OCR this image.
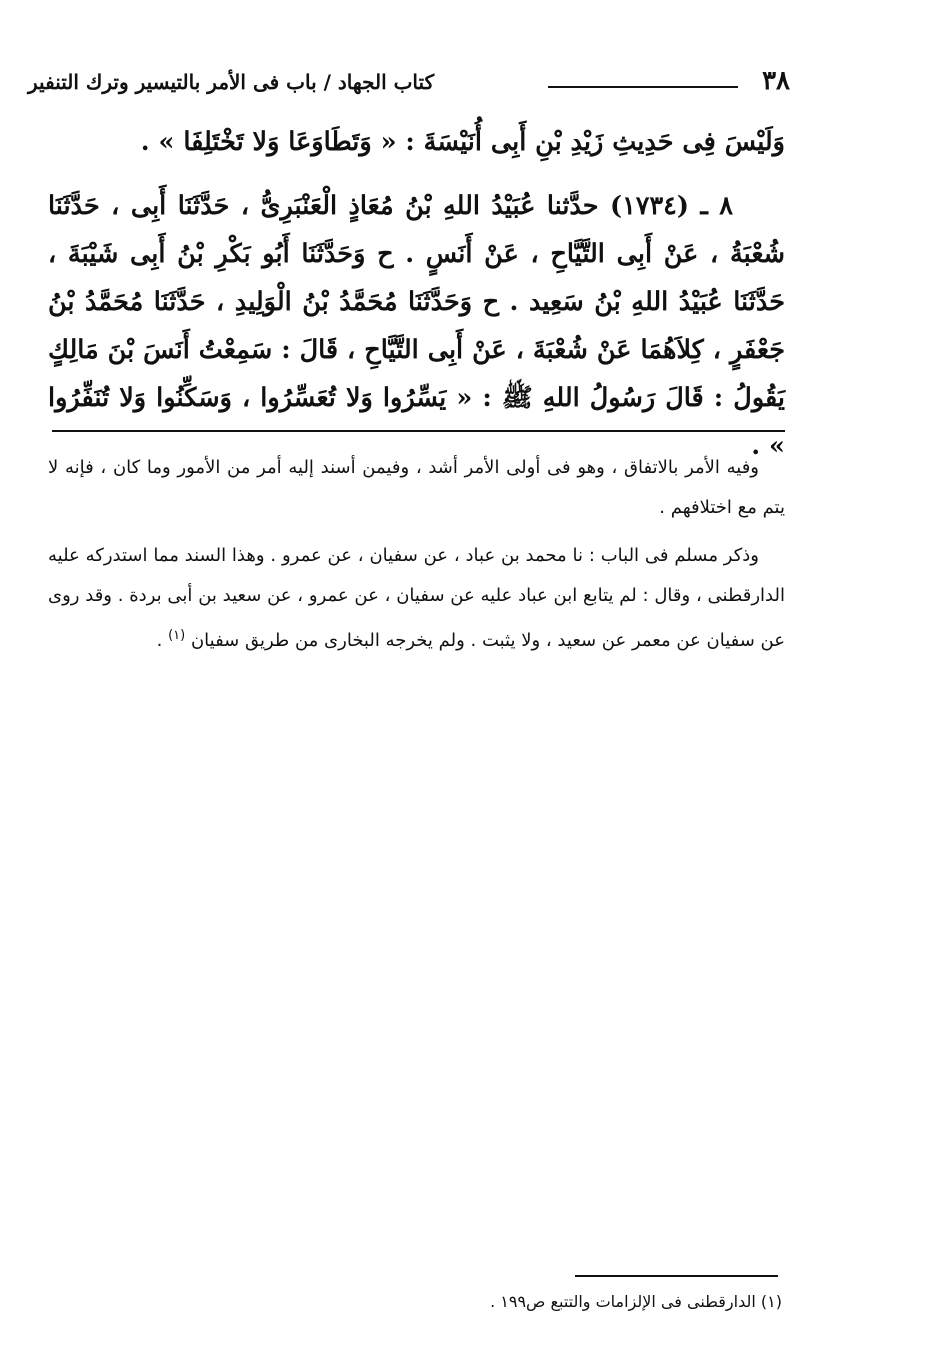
٣٨
كتاب الجهاد / باب فى الأمر بالتيسير وترك التنفير

وَلَيْسَ فِى حَدِيثِ زَيْدِ بْنِ أَبِى أُنَيْسَةَ : « وَتَطَاوَعَا وَلا تَخْتَلِفَا » .

٨ ـ (١٧٣٤) حدَّثنا عُبَيْدُ اللهِ بْنُ مُعَاذٍ الْعَنْبَرِىُّ ، حَدَّثَنَا أَبِى ، حَدَّثَنَا شُعْبَةُ ، عَنْ أَبِى التَّيَّاحِ ، عَنْ أَنَسٍ . ح وَحَدَّثَنَا أَبُو بَكْرِ بْنُ أَبِى شَيْبَةَ ، حَدَّثَنَا عُبَيْدُ اللهِ بْنُ سَعِيد . ح وَحَدَّثَنَا مُحَمَّدُ بْنُ الْوَلِيدِ ، حَدَّثَنَا مُحَمَّدُ بْنُ جَعْفَرٍ ، كِلاَهُمَا عَنْ شُعْبَةَ ، عَنْ أَبِى التَّيَّاحِ ، قَالَ : سَمِعْتُ أَنَسَ بْنَ مَالِكٍ يَقُولُ : قَالَ رَسُولُ اللهِ ﷺ : « يَسِّرُوا وَلا تُعَسِّرُوا ، وَسَكِّنُوا وَلا تُنَفِّرُوا » .

وفيه الأمر بالاتفاق ، وهو فى أولى الأمر أشد ، وفيمن أسند إليه أمر من الأمور وما كان ، فإنه لا يتم مع اختلافهم .

وذكر مسلم فى الباب : نا محمد بن عباد ، عن سفيان ، عن عمرو . وهذا السند مما استدركه عليه الدارقطنى ، وقال : لم يتابع ابن عباد عليه عن سفيان ، عن عمرو ، عن سعيد بن أبى بردة . وقد روى عن سفيان عن معمر عن سعيد ، ولا يثبت . ولم يخرجه البخارى من طريق سفيان $^{(١)}$ .

(١) الدارقطنى فى الإلزامات والتتبع ص١٩٩ .
